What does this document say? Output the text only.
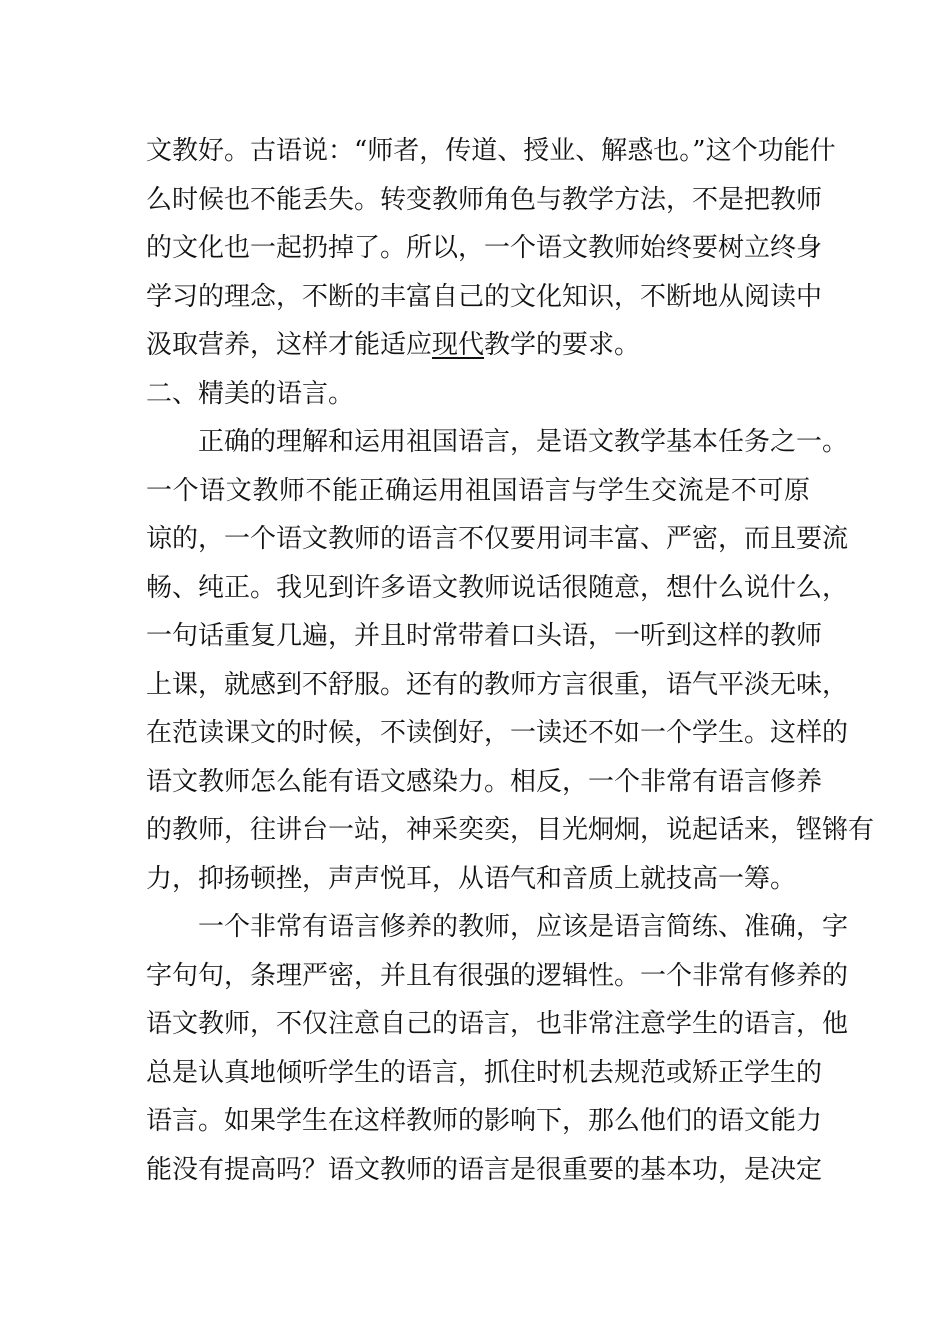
文教好。古语说：“师者，传道、授业、解惑也。”这个功能什
么时候也不能丢失。转变教师角色与教学方法，不是把教师
的文化也一起扔掉了。所以，一个语文教师始终要树立终身
学习的理念，不断的丰富自己的文化知识，不断地从阅读中
汲取营养，这样才能适应现代教学的要求。
二、精美的语言。
正确的理解和运用祖国语言，是语文教学基本任务之一。
一个语文教师不能正确运用祖国语言与学生交流是不可原
谅的，一个语文教师的语言不仅要用词丰富、严密，而且要流
畅、纯正。我见到许多语文教师说话很随意，想什么说什么，
一句话重复几遍，并且时常带着口头语，一听到这样的教师
上课，就感到不舒服。还有的教师方言很重，语气平淡无味，
在范读课文的时候，不读倒好，一读还不如一个学生。这样的
语文教师怎么能有语文感染力。相反，一个非常有语言修养
的教师，往讲台一站，神采奕奕，目光炯炯，说起话来，铿锵有
力，抑扬顿挫，声声悦耳，从语气和音质上就技高一筹。
一个非常有语言修养的教师，应该是语言简练、准确，字
字句句，条理严密，并且有很强的逻辑性。一个非常有修养的
语文教师，不仅注意自己的语言，也非常注意学生的语言，他
总是认真地倾听学生的语言，抓住时机去规范或矫正学生的
语言。如果学生在这样教师的影响下，那么他们的语文能力
能没有提高吗？语文教师的语言是很重要的基本功，是决定
